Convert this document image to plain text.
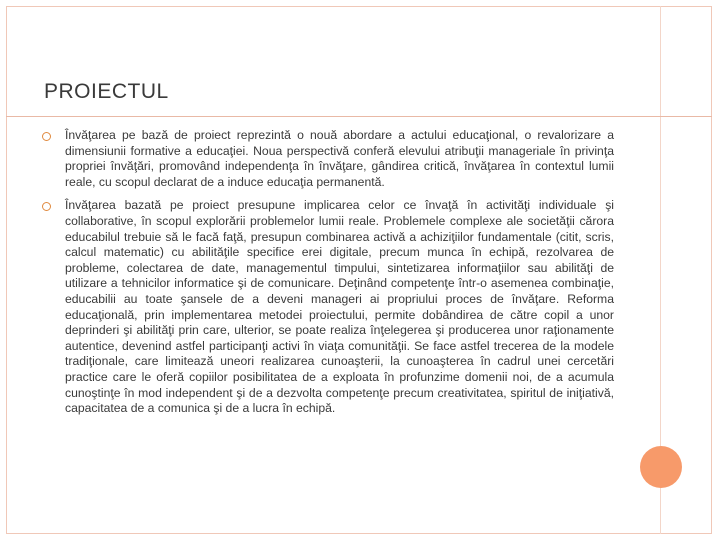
PROIECTUL
Învăţarea pe bază de proiect reprezintă o nouă abordare a actului educaţional, o revalorizare a dimensiunii formative a educaţiei. Noua perspectivă conferă elevului atribuţii manageriale în privinţa propriei învăţări, promovând independenţa în învăţare, gândirea critică, învăţarea în contextul lumii reale, cu scopul declarat de a induce educaţia permanentă.
Învăţarea bazată pe proiect presupune implicarea celor ce învaţă în activităţi individuale şi collaborative, în scopul explorării problemelor lumii reale. Problemele complexe ale societăţii cărora educabilul trebuie să le facă faţă, presupun combinarea activă a achiziţiilor fundamentale (citit, scris, calcul matematic) cu abilităţile specifice erei digitale, precum munca în echipă, rezolvarea de probleme, colectarea de date, managementul timpului, sintetizarea informaţiilor sau abilităţi de utilizare a tehnicilor informatice şi de comunicare. Deţinând competenţe într-o asemenea combinaţie, educabilii au toate şansele de a deveni manageri ai propriului proces de învăţare. Reforma educaţională, prin implementarea metodei proiectului, permite dobândirea de către copil a unor deprinderi şi abilităţi prin care, ulterior, se poate realiza înţelegerea şi producerea unor raţionamente autentice, devenind astfel participanţi activi în viaţa comunităţii. Se face astfel trecerea de la modele tradiţionale, care limitează uneori realizarea cunoaşterii, la cunoaşterea în cadrul unei cercetări practice care le oferă copiilor posibilitatea de a exploata în profunzime domenii noi, de a acumula cunoştinţe în mod independent şi de a dezvolta competenţe precum creativitatea, spiritul de iniţiativă, capacitatea de a comunica şi de a lucra în echipă.
